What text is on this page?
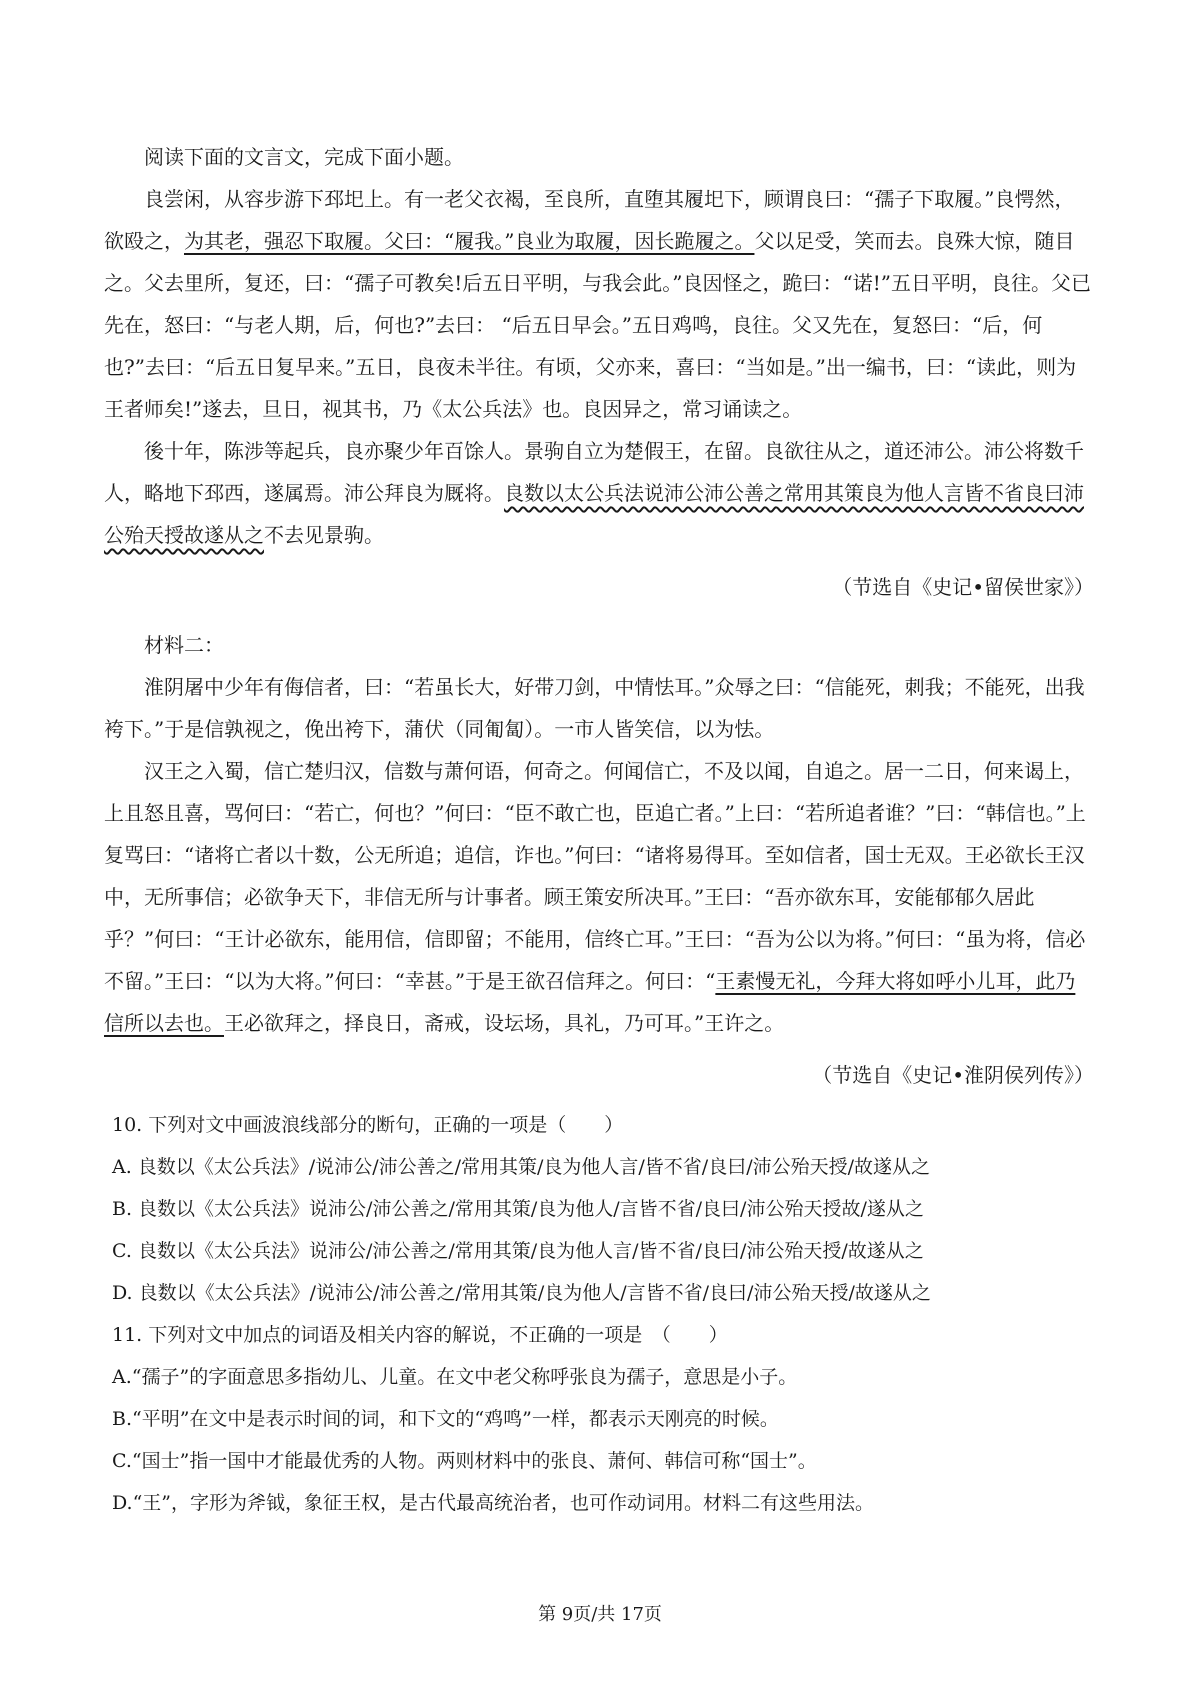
阅读下面的文言文，完成下面小题。

良尝闲，从容步游下邳圯上。有一老父衣褐，至良所，直堕其履圯下，顾谓良曰：“孺子下取履。”良愕然，欲殴之，为其老，强忍下取履。父曰：“履我。”良业为取履，因长跪履之。父以足受，笑而去。良殊大惊，随目之。父去里所，复还，曰：“孺子可教矣!后五日平明，与我会此。”良因怪之，跪曰：“诺!”五日平明，良往。父已先在，怒曰：“与老人期，后，何也?”去曰： “后五日早会。”五日鸡鸣，良往。父又先在，复怒曰：“后，何也?”去曰：“后五日复早来。”五日，良夜未半往。有顷，父亦来，喜曰：“当如是。”出一编书，曰：“读此，则为王者师矣!”遂去，旦日，视其书，乃《太公兵法》也。良因异之，常习诵读之。

後十年，陈涉等起兵，良亦聚少年百馀人。景驹自立为楚假王，在留。良欲往从之，道还沛公。沛公将数千人，略地下邳西，遂属焉。沛公拜良为厩将。良数以太公兵法说沛公沛公善之常用其策良为他人言皆不省良曰沛公殆天授故遂从之不去见景驹。

（节选自《史记•留侯世家》）

材料二：

淮阴屠中少年有侮信者，曰：“若虽长大，好带刀剑，中情怯耳。”众辱之曰：“信能死，刺我；不能死，出我袴下。”于是信孰视之，俛出袴下，蒲伏（同匍匐）。一市人皆笑信，以为怯。

汉王之入蜀，信亡楚归汉，信数与萧何语，何奇之。何闻信亡，不及以闻，自追之。居一二日，何来谒上，上且怒且喜，骂何曰：“若亡，何也？”何曰：“臣不敢亡也，臣追亡者。”上曰：“若所追者谁？”曰：“韩信也。”上复骂曰：“诸将亡者以十数，公无所追；追信，诈也。”何曰：“诸将易得耳。至如信者，国士无双。王必欲长王汉中，无所事信；必欲争天下，非信无所与计事者。顾王策安所决耳。”王曰：“吾亦欲东耳，安能郁郁久居此乎？”何曰：“王计必欲东，能用信，信即留；不能用，信终亡耳。”王曰：“吾为公以为将。”何曰：“虽为将，信必不留。”王曰：“以为大将。”何曰：“幸甚。”于是王欲召信拜之。何曰：“王素慢无礼，今拜大将如呼小儿耳，此乃信所以去也。王必欲拜之，择良日，斋戒，设坛场，具礼，乃可耳。”王许之。

（节选自《史记•淮阴侯列传》）

10. 下列对文中画波浪线部分的断句，正确的一项是（　　）
A. 良数以《太公兵法》/说沛公/沛公善之/常用其策/良为他人言/皆不省/良曰/沛公殆天授/故遂从之
B. 良数以《太公兵法》说沛公/沛公善之/常用其策/良为他人/言皆不省/良曰/沛公殆天授故/遂从之
C. 良数以《太公兵法》说沛公/沛公善之/常用其策/良为他人言/皆不省/良曰/沛公殆天授/故遂从之
D. 良数以《太公兵法》/说沛公/沛公善之/常用其策/良为他人/言皆不省/良曰/沛公殆天授/故遂从之
11. 下列对文中加点的词语及相关内容的解说，不正确的一项是　（　　）
A.“孺子”的字面意思多指幼儿、儿童。在文中老父称呼张良为孺子，意思是小子。
B.“平明”在文中是表示时间的词，和下文的“鸡鸣”一样，都表示天刚亮的时候。
C.“国士”指一国中才能最优秀的人物。两则材料中的张良、萧何、韩信可称“国士”。
D.“王”，字形为斧钺，象征王权，是古代最高统治者，也可作动词用。材料二有这些用法。
第 9页/共 17页
